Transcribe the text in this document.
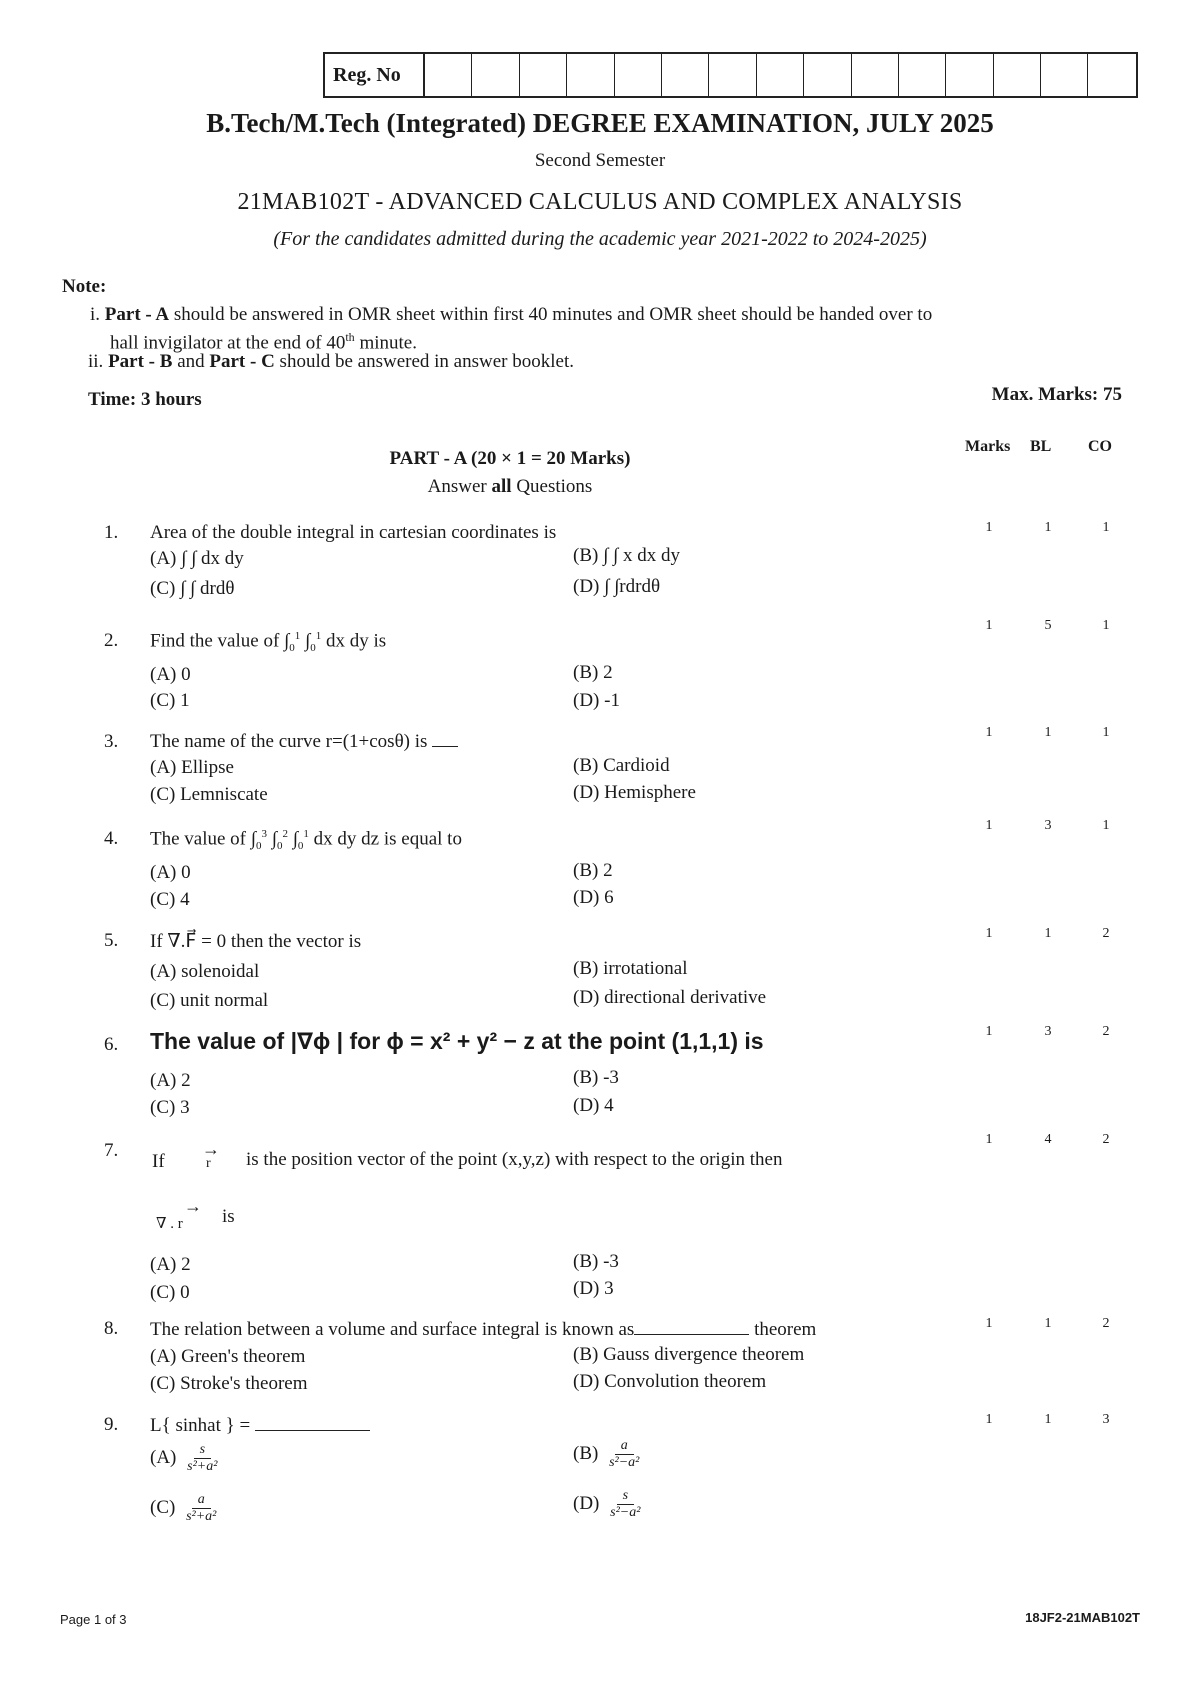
Reg. No
B.Tech/M.Tech (Integrated) DEGREE EXAMINATION, JULY 2025
Second Semester
21MAB102T - ADVANCED CALCULUS AND COMPLEX ANALYSIS
(For the candidates admitted during the academic year 2021-2022 to 2024-2025)
Note:
i. Part - A should be answered in OMR sheet within first 40 minutes and OMR sheet should be handed over to
hall invigilator at the end of 40th minute.
ii. Part - B and Part - C should be answered in answer booklet.
Time: 3 hours	Max. Marks: 75
Marks BL CO
PART - A (20 × 1 = 20 Marks)
Answer all Questions
1. Area of the double integral in cartesian coordinates is
(A) ∫ ∫ dx dy	(B) ∫ ∫ x dx dy
(C) ∫ ∫ drdθ	(D) ∫ ∫rdrdθ
1	1	1
2. Find the value of $\int_0^1$ $\int_0^1$ dx dy is
(A) 0	(B) 2
(C) 1	(D) -1
1	5	1
3. The name of the curve r=(1+cosθ) is
(A) Ellipse	(B) Cardioid
(C) Lemniscate	(D) Hemisphere
1	1	1
4. The value of $\int_0^3$ $\int_0^2$ $\int_0^1$ dx dy dz is equal to
(A) 0	(B) 2
(C) 4	(D) 6
1	3	1
5. If ∇.F⃗ = 0 then the vector is
(A) solenoidal	(B) irrotational
(C) unit normal	(D) directional derivative
1	1	2
6. The value of |∇ϕ | for ϕ = x² + y² − z at the point (1,1,1) is
(A) 2	(B) -3
(C) 3	(D) 4
1	3	2
7.
If
→
r is the position vector of the point (x,y,z) with respect to the origin then
→
∇ . r is
(A) 2	(B) -3
(C) 0	(D) 3
1	4	2
8. The relation between a volume and surface integral is known as	theorem
(A) Green's theorem	(B) Gauss divergence theorem
(C) Stroke's theorem	(D) Convolution theorem
1	1	2
9. L{ sinhat } =
$(A) \frac{s}{\text{s²+a²}}$	$(B) \frac{a}{\text{s²−a²}}$
$(C) \frac{a}{\text{s²+a²}}$	$(D) \frac{s}{\text{s²−a²}}$
1	1	3
Page 1 of 3	18JF2-21MAB102T
